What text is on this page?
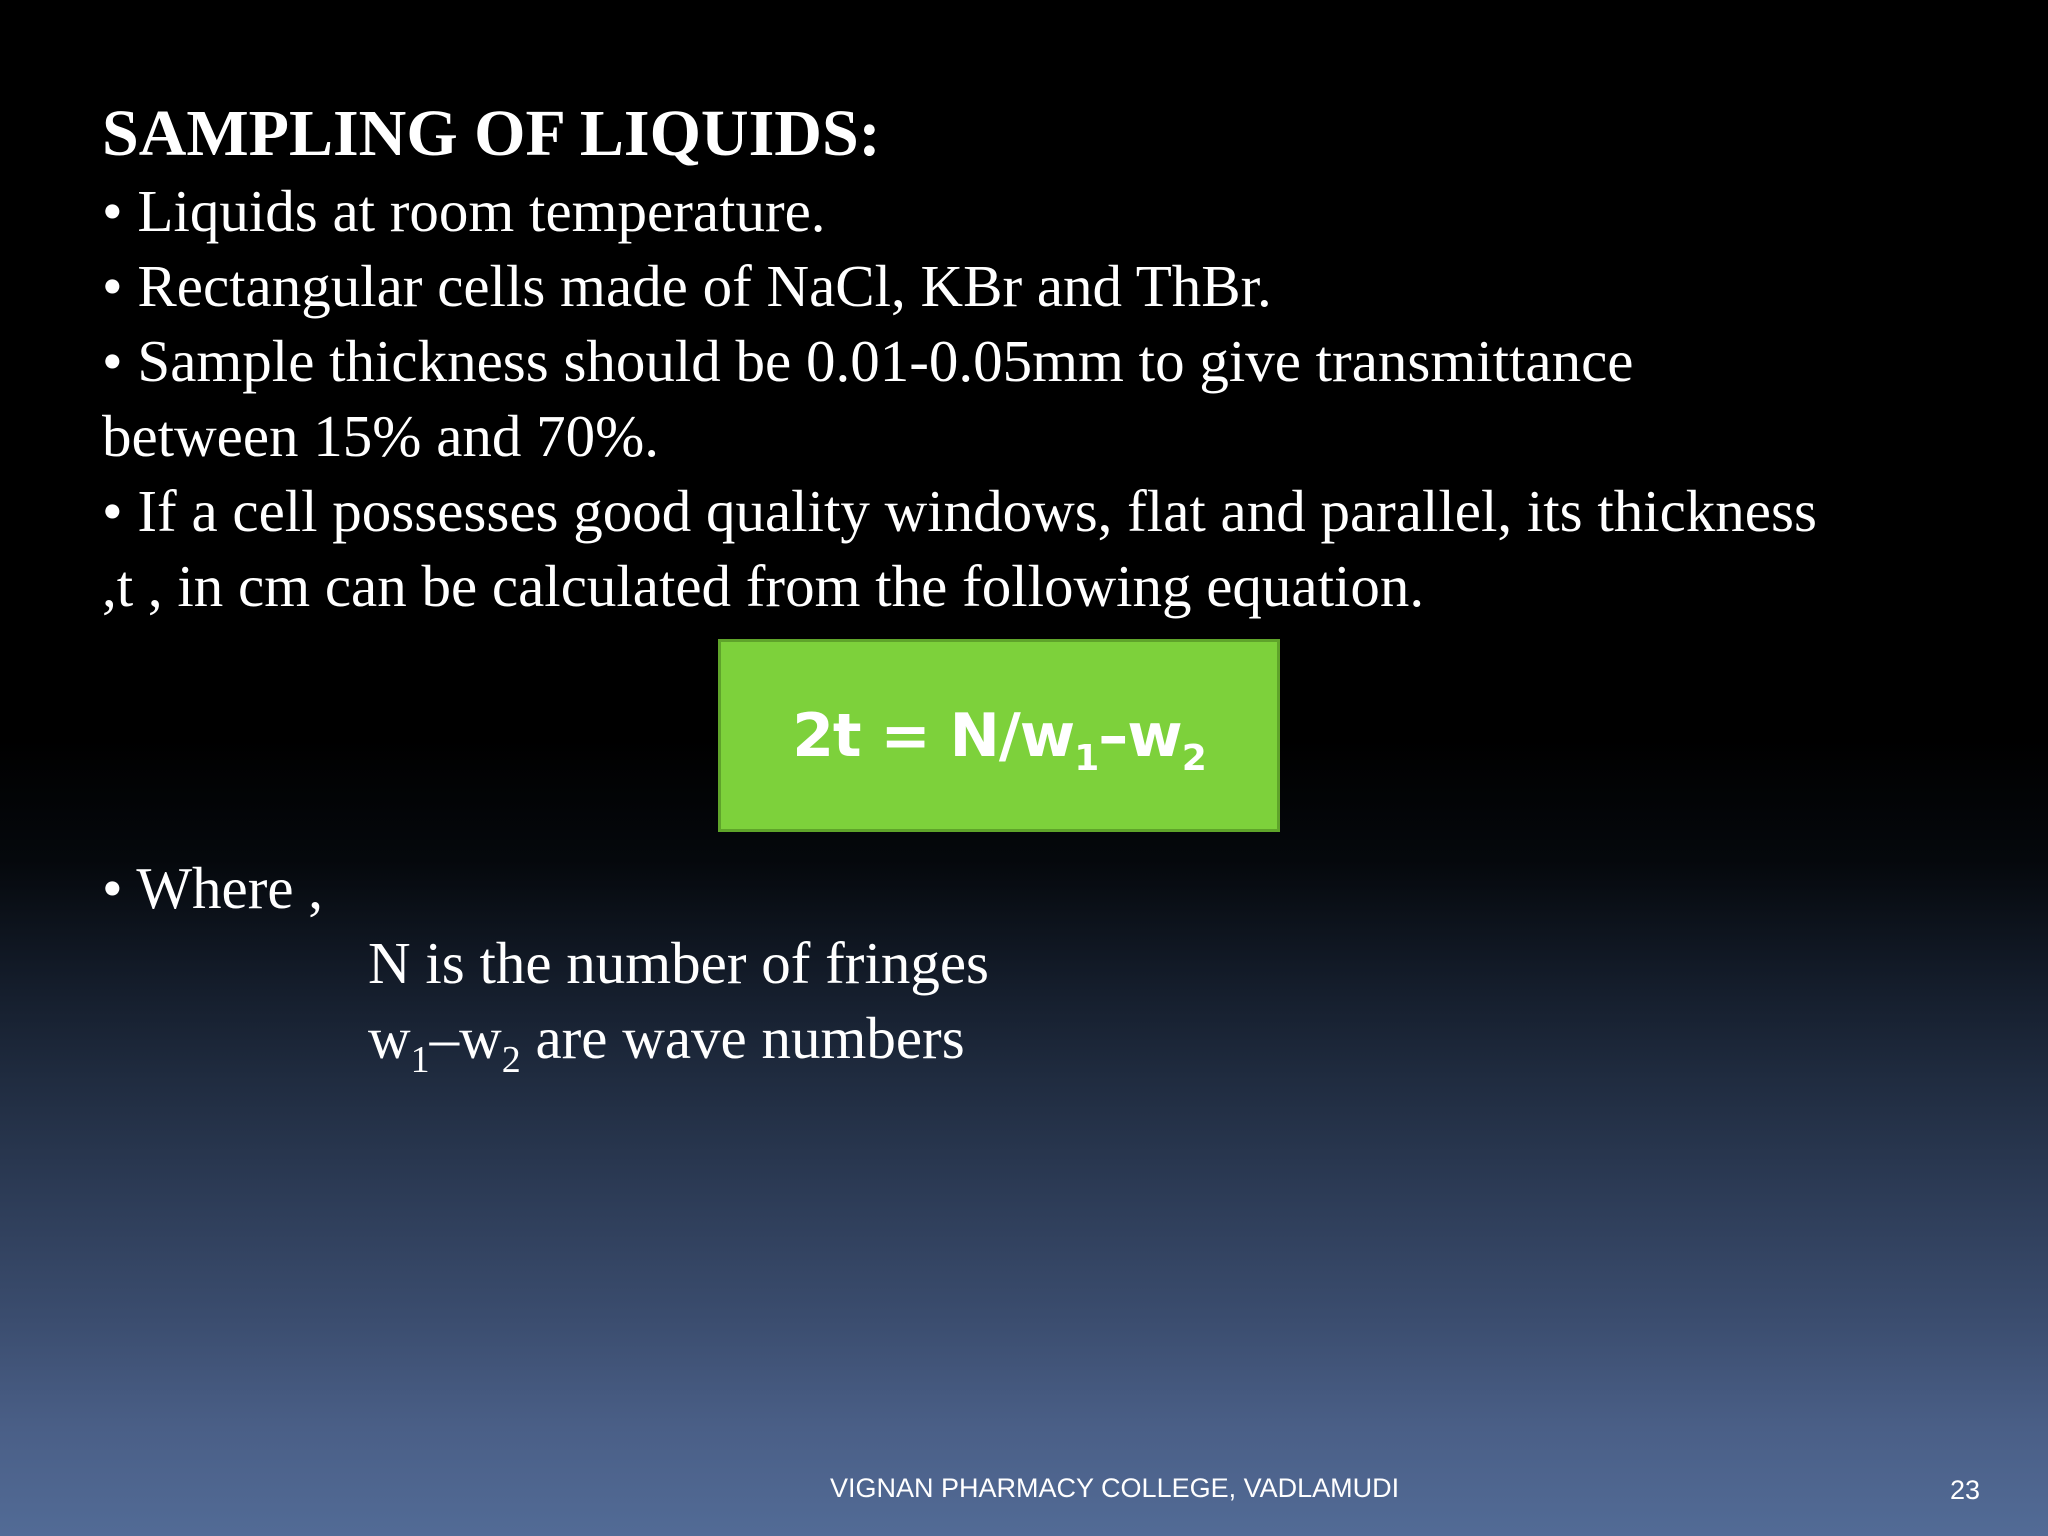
SAMPLING OF LIQUIDS:

• Liquids at room temperature.

• Rectangular cells made of NaCl, KBr and ThBr.

• Sample thickness should be 0.01-0.05mm to give transmittance

between 15% and 70%.

• If a cell possesses good quality windows, flat and parallel, its thickness

,t , in cm can be calculated from the following equation.

$2t = N/w_1-w_2$

• Where ,

N is the number of fringes

$w_1-w_2$ are wave numbers

VIGNAN PHARMACY COLLEGE, VADLAMUDI	23
